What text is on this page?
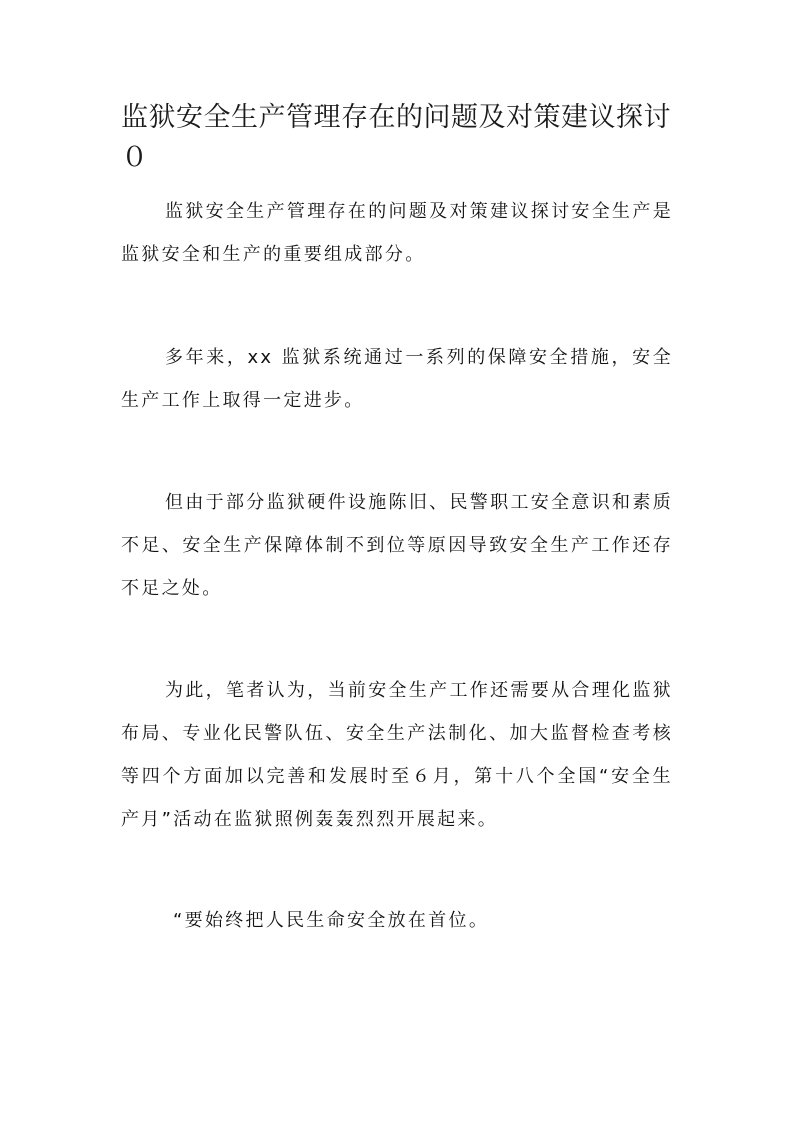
监狱安全生产管理存在的问题及对策建议探讨０

监狱安全生产管理存在的问题及对策建议探讨安全生产是监狱安全和生产的重要组成部分。

多年来，xx 监狱系统通过一系列的保障安全措施，安全生产工作上取得一定进步。

但由于部分监狱硬件设施陈旧、民警职工安全意识和素质不足、安全生产保障体制不到位等原因导致安全生产工作还存不足之处。

为此，笔者认为，当前安全生产工作还需要从合理化监狱布局、专业化民警队伍、安全生产法制化、加大监督检查考核等四个方面加以完善和发展时至６月，第十八个全国“安全生产月”活动在监狱照例轰轰烈烈开展起来。

“要始终把人民生命安全放在首位。
